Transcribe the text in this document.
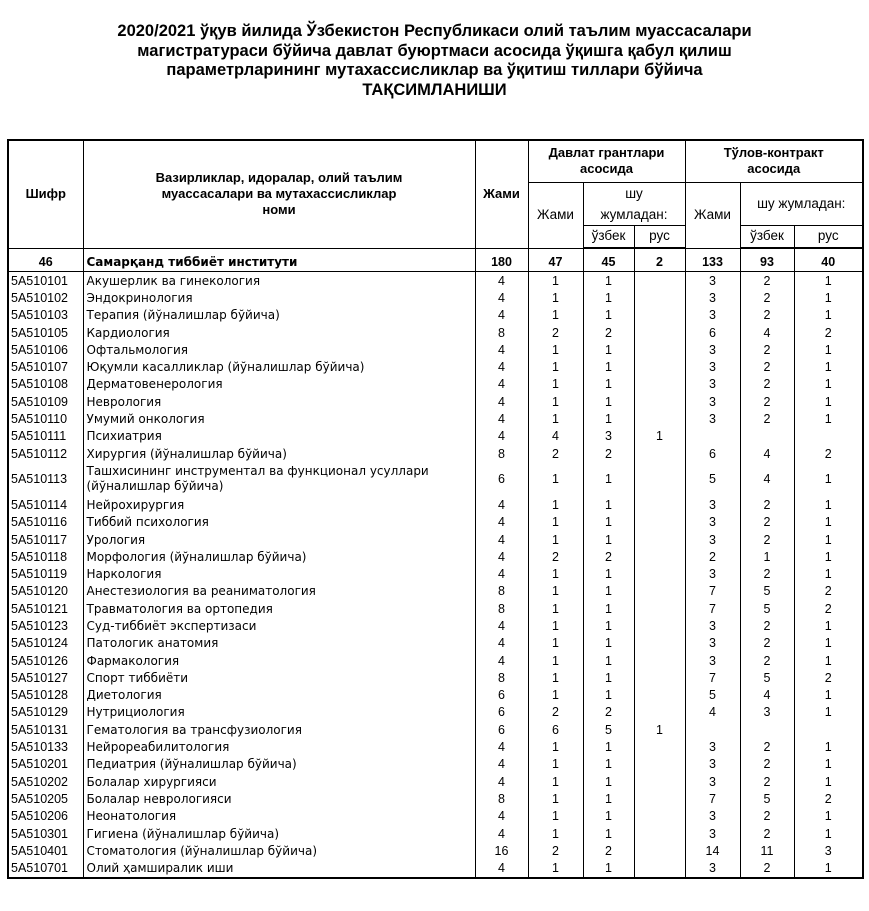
2020/2021 ўқув йилида Ўзбекистон Республикаси олий таълим муассасалари
магистратураси бўйича давлат буюртмаси асосида ўқишга қабул қилиш
параметрларининг мутахассисликлар ва ўқитиш тиллари бўйича
ТАҚСИМЛАНИШИ
Шифр	Вазирликлар, идоралар, олий таълим муассасалари ва мутахассисликлар номи	Жами	Давлат грантлари асосида			Тўлов-контракт асосида		
			Жами	шу жумладан:		Жами	шу жумладан:	
				ўзбек	рус		ўзбек	рус

46	Самарқанд тиббиёт институти	180	47	45	2	133	93	40
5A510101	Акушерлик ва гинекология	4	1	1		3	2	1
5A510102	Эндокринология	4	1	1		3	2	1
5A510103	Терапия (йўналишлар бўйича)	4	1	1		3	2	1
5A510105	Кардиология	8	2	2		6	4	2
5A510106	Офтальмология	4	1	1		3	2	1
5A510107	Юқумли касалликлар (йўналишлар бўйича)	4	1	1		3	2	1
5A510108	Дерматовенерология	4	1	1		3	2	1
5A510109	Неврология	4	1	1		3	2	1
5A510110	Умумий онкология	4	1	1		3	2	1
5A510111	Психиатрия	4	4	3	1			
5A510112	Хирургия (йўналишлар бўйича)	8	2	2		6	4	2
5A510113	Ташхисининг инструментал ва функционал усуллари (йўналишлар бўйича)	6	1	1		5	4	1
5A510114	Нейрохирургия	4	1	1		3	2	1
5A510116	Тиббий психология	4	1	1		3	2	1
5A510117	Урология	4	1	1		3	2	1
5A510118	Морфология (йўналишлар бўйича)	4	2	2		2	1	1
5A510119	Наркология	4	1	1		3	2	1
5A510120	Анестезиология ва реаниматология	8	1	1		7	5	2
5A510121	Травматология ва ортопедия	8	1	1		7	5	2
5A510123	Суд-тиббиёт экспертизаси	4	1	1		3	2	1
5A510124	Патологик анатомия	4	1	1		3	2	1
5A510126	Фармакология	4	1	1		3	2	1
5A510127	Спорт тиббиёти	8	1	1		7	5	2
5A510128	Диетология	6	1	1		5	4	1
5A510129	Нутрициология	6	2	2		4	3	1
5A510131	Гематология ва трансфузиология	6	6	5	1			
5A510133	Нейрореабилитология	4	1	1		3	2	1
5A510201	Педиатрия (йўналишлар бўйича)	4	1	1		3	2	1
5A510202	Болалар хирургияси	4	1	1		3	2	1
5A510205	Болалар неврологияси	8	1	1		7	5	2
5A510206	Неонатология	4	1	1		3	2	1
5A510301	Гигиена (йўналишлар бўйича)	4	1	1		3	2	1
5A510401	Стоматология (йўналишлар бўйича)	16	2	2		14	11	3
5A510701	Олий ҳамширалик иши	4	1	1		3	2	1
